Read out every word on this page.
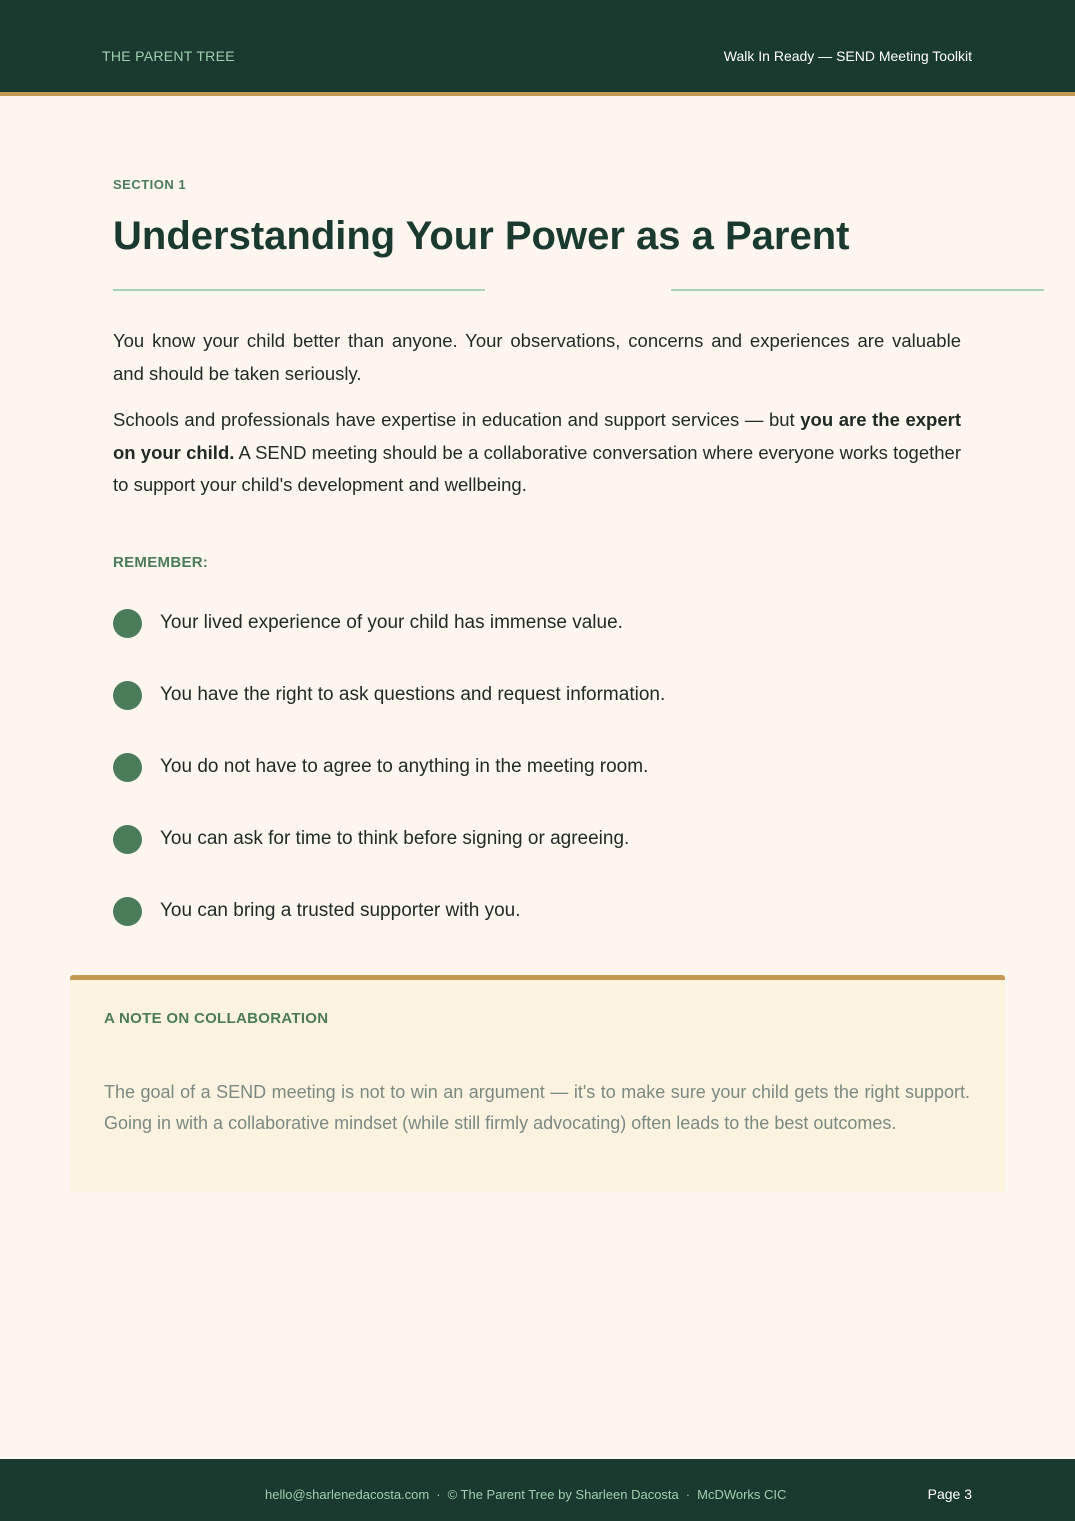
THE PARENT TREE	Walk In Ready — SEND Meeting Toolkit
SECTION 1
Understanding Your Power as a Parent

You know your child better than anyone. Your observations, concerns and experiences are valuable and should be taken seriously.

Schools and professionals have expertise in education and support services — but you are the expert on your child. A SEND meeting should be a collaborative conversation where everyone works together to support your child's development and wellbeing.

REMEMBER:
Your lived experience of your child has immense value.
You have the right to ask questions and request information.
You do not have to agree to anything in the meeting room.
You can ask for time to think before signing or agreeing.
You can bring a trusted supporter with you.
A NOTE ON COLLABORATION

The goal of a SEND meeting is not to win an argument — it's to make sure your child gets the right support. Going in with a collaborative mindset (while still firmly advocating) often leads to the best outcomes.

hello@sharlenedacosta.com · © The Parent Tree by Sharleen Dacosta · McDWorks CIC	Page 3
